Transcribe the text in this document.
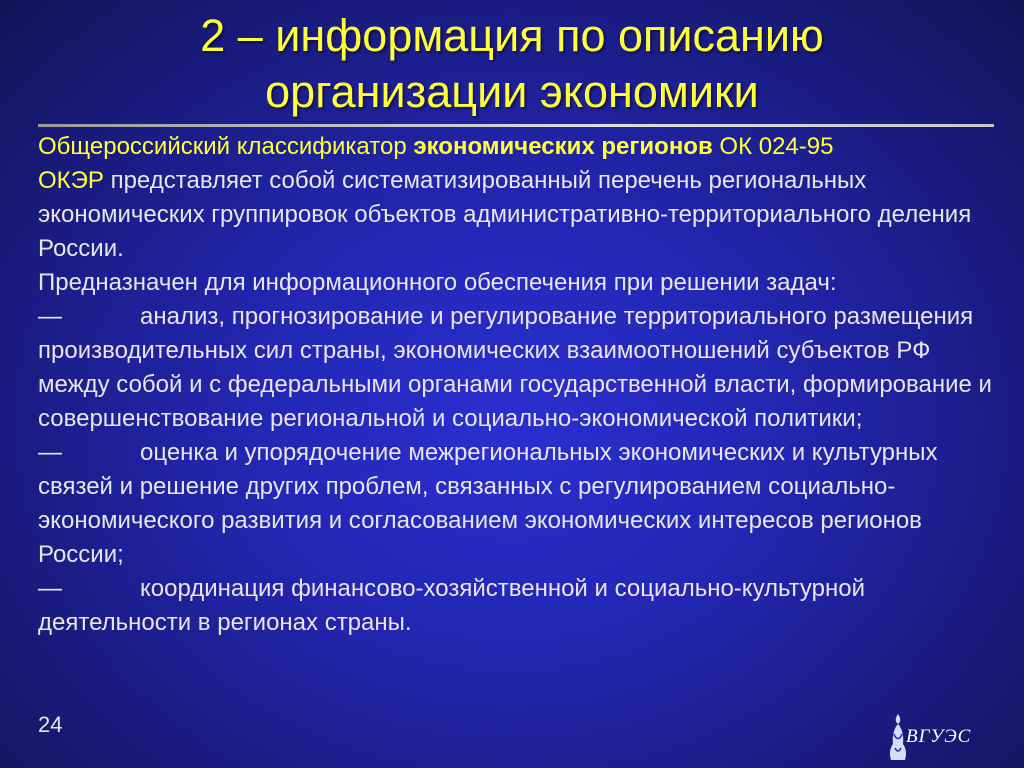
2 – информация по описанию
организации экономики

Общероссийский классификатор экономических регионов ОК 024-95
ОКЭР представляет собой систематизированный перечень региональных экономических группировок объектов административно-территориального деления России.

Предназначен для информационного обеспечения при решении задач:

—	анализ, прогнозирование и регулирование территориального размещения производительных сил страны, экономических взаимоотношений субъектов РФ между собой и с федеральными органами государственной власти, формирование и совершенствование региональной и социально-экономической политики;

—	оценка и упорядочение межрегиональных экономических и культурных связей и решение других проблем, связанных с регулированием социально-экономического развития и согласованием экономических интересов регионов России;

—	координация финансово-хозяйственной и социально-культурной деятельности в регионах страны.

24	ВГУЭС
